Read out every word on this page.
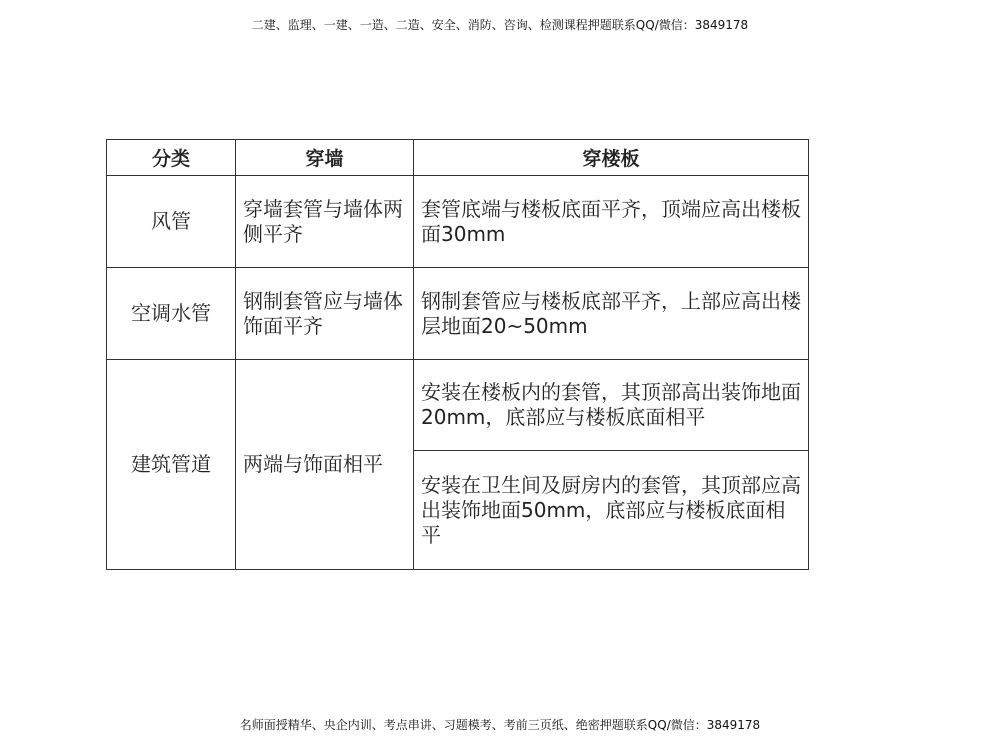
二建、监理、一建、一造、二造、安全、消防、咨询、检测课程押题联系QQ/微信：3849178
分类	穿墙	穿楼板
风管	穿墙套管与墙体两侧平齐	套管底端与楼板底面平齐，顶端应高出楼板面30mm
空调水管	钢制套管应与墙体饰面平齐	钢制套管应与楼板底部平齐，上部应高出楼层地面20~50mm
建筑管道	两端与饰面相平	安装在楼板内的套管，其顶部高出装饰地面20mm，底部应与楼板底面相平
		安装在卫生间及厨房内的套管，其顶部应高出装饰地面50mm，底部应与楼板底面相平
名师面授精华、央企内训、考点串讲、习题模考、考前三页纸、绝密押题联系QQ/微信：3849178
